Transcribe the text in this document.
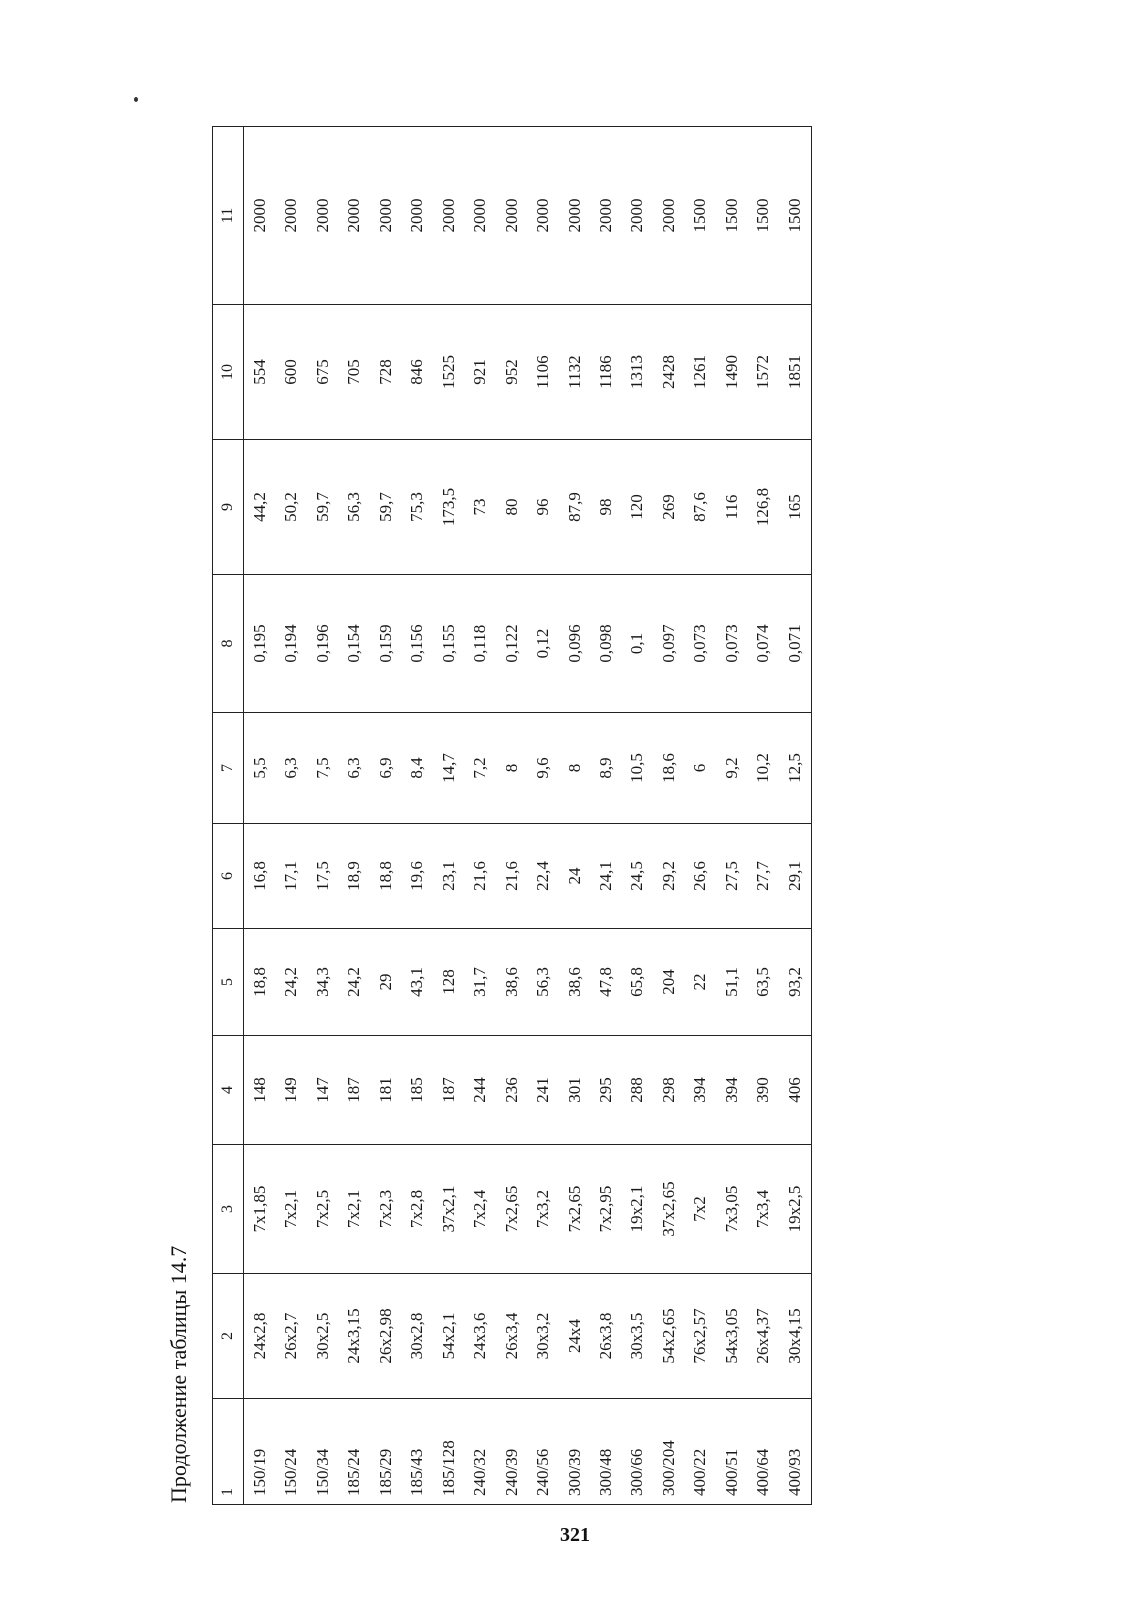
Продолжение таблицы 14.7 1	2	3	4	5	6	7	8	9	10	11
150/19	24x2,8	7x1,85	148	18,8	16,8	5,5	0,195	44,2	554	2000
150/24	26x2,7	7x2,1	149	24,2	17,1	6,3	0,194	50,2	600	2000
150/34	30x2,5	7x2,5	147	34,3	17,5	7,5	0,196	59,7	675	2000
185/24	24x3,15	7x2,1	187	24,2	18,9	6,3	0,154	56,3	705	2000
185/29	26x2,98	7x2,3	181	29	18,8	6,9	0,159	59,7	728	2000
185/43	30x2,8	7x2,8	185	43,1	19,6	8,4	0,156	75,3	846	2000
185/128	54x2,1	37x2,1	187	128	23,1	14,7	0,155	173,5	1525	2000
240/32	24x3,6	7x2,4	244	31,7	21,6	7,2	0,118	73	921	2000
240/39	26x3,4	7x2,65	236	38,6	21,6	8	0,122	80	952	2000
240/56	30x3,2	7x3,2	241	56,3	22,4	9,6	0,12	96	1106	2000
300/39	24x4	7x2,65	301	38,6	24	8	0,096	87,9	1132	2000
300/48	26x3,8	7x2,95	295	47,8	24,1	8,9	0,098	98	1186	2000
300/66	30x3,5	19x2,1	288	65,8	24,5	10,5	0,1	120	1313	2000
300/204	54x2,65	37x2,65	298	204	29,2	18,6	0,097	269	2428	2000
400/22	76x2,57	7x2	394	22	26,6	6	0,073	87,6	1261	1500
400/51	54x3,05	7x3,05	394	51,1	27,5	9,2	0,073	116	1490	1500
400/64	26x4,37	7x3,4	390	63,5	27,7	10,2	0,074	126,8	1572	1500
400/93	30x4,15	19x2,5	406	93,2	29,1	12,5	0,071	165	1851	1500
321
